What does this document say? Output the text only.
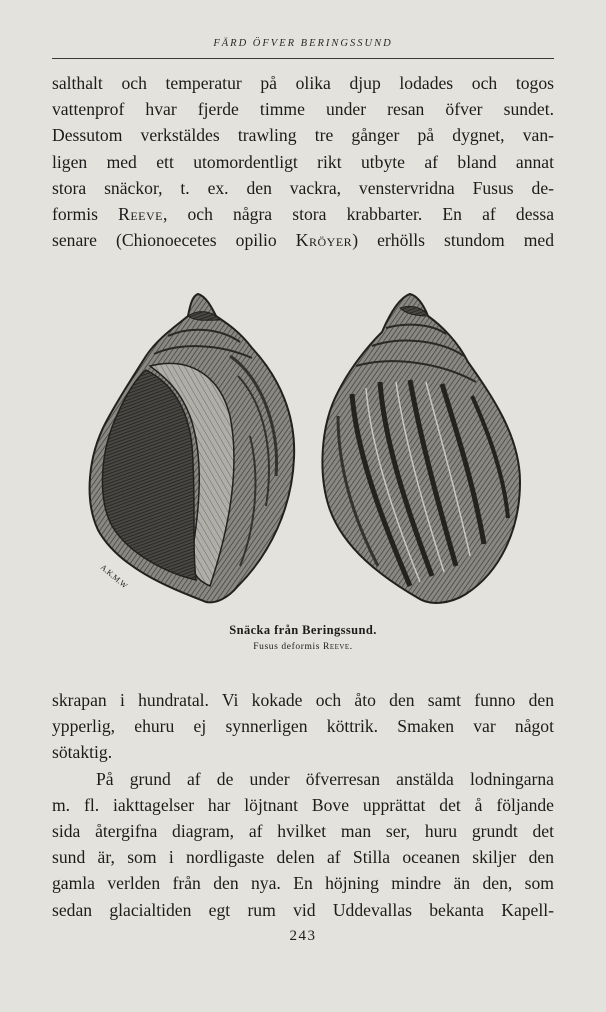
FÄRD ÖFVER BERINGSSUND
salthalt och temperatur på olika djup lodades och togos
vattenprof hvar fjerde timme under resan öfver sundet.
Dessutom verkstäldes trawling tre gånger på dygnet, van-
ligen med ett utomordentligt rikt utbyte af bland annat
stora snäckor, t. ex. den vackra, venstervridna Fusus de-
formis Reeve, och några stora krabbarter. En af dessa
senare (Chionoecetes opilio Kröyer) erhölls stundom med
A.K.M.W
Snäcka från Beringssund.
Fusus deformis Reeve.
skrapan i hundratal. Vi kokade och åto den samt funno den
ypperlig, ehuru ej synnerligen köttrik. Smaken var något
sötaktig.
På grund af de under öfverresan anstälda lodningarna
m. fl. iakttagelser har löjtnant Bove upprättat det å följande
sida återgifna diagram, af hvilket man ser, huru grundt det
sund är, som i nordligaste delen af Stilla oceanen skiljer den
gamla verlden från den nya. En höjning mindre än den, som
sedan glacialtiden egt rum vid Uddevallas bekanta Kapell-
243
